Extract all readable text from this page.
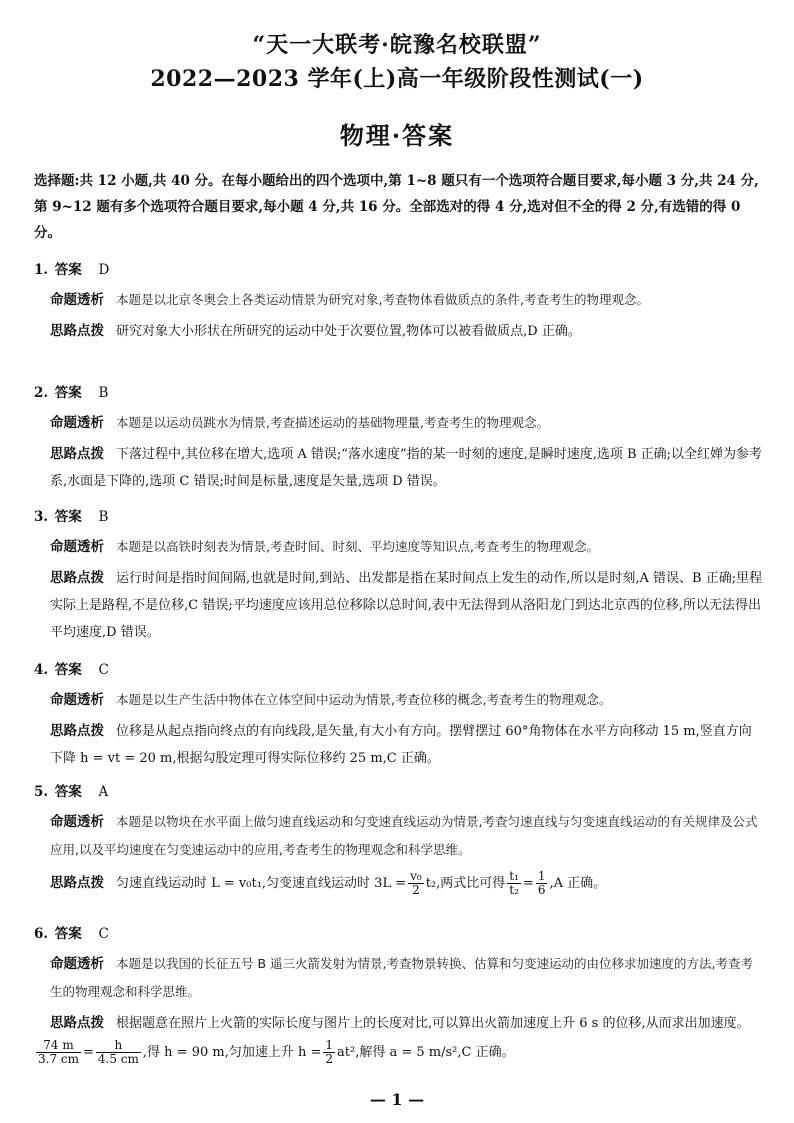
“天一大联考·皖豫名校联盟”
2022—2023 学年(上)高一年级阶段性测试(一)
物理·答案
选择题:共 12 小题,共 40 分。在每小题给出的四个选项中,第 1~8 题只有一个选项符合题目要求,每小题 3 分,共 24 分,第 9~12 题有多个选项符合题目要求,每小题 4 分,共 16 分。全部选对的得 4 分,选对但不全的得 2 分,有选错的得 0 分。
1. 答案 D
命题透析 本题是以北京冬奥会上各类运动情景为研究对象,考查物体看做质点的条件,考查考生的物理观念。
思路点拨 研究对象大小形状在所研究的运动中处于次要位置,物体可以被看做质点,D 正确。
2. 答案 B
命题透析 本题是以运动员跳水为情景,考查描述运动的基础物理量,考查考生的物理观念。
思路点拨 下落过程中,其位移在增大,选项 A 错误;“落水速度”指的某一时刻的速度,是瞬时速度,选项 B 正确;以全红婵为参考系,水面是下降的,选项 C 错误;时间是标量,速度是矢量,选项 D 错误。
3. 答案 B
命题透析 本题是以高铁时刻表为情景,考查时间、时刻、平均速度等知识点,考查考生的物理观念。
思路点拨 运行时间是指时间间隔,也就是时间,到站、出发都是指在某时间点上发生的动作,所以是时刻,A 错误、B 正确;里程实际上是路程,不是位移,C 错误;平均速度应该用总位移除以总时间,表中无法得到从洛阳龙门到达北京西的位移,所以无法得出平均速度,D 错误。
4. 答案 C
命题透析 本题是以生产生活中物体在立体空间中运动为情景,考查位移的概念,考查考生的物理观念。
思路点拨 位移是从起点指向终点的有向线段,是矢量,有大小有方向。摆臂摆过 60°角物体在水平方向移动 15 m,竖直方向下降 h = vt = 20 m,根据勾股定理可得实际位移约 25 m,C 正确。
5. 答案 A
命题透析 本题是以物块在水平面上做匀速直线运动和匀变速直线运动为情景,考查匀速直线与匀变速直线运动的有关规律及公式应用,以及平均速度在匀变速运动中的应用,考查考生的物理观念和科学思维。
思路点拨 匀速直线运动时 L = v₀t₁,匀变速直线运动时 $3L = \frac{\text{v₀}}{2} t_2$,两式比可得 $\frac{\text{t₁}}{\text{t₂}} = \frac{1}{6} ,A$ 正确。
6. 答案 C
命题透析 本题是以我国的长征五号 B 遥三火箭发射为情景,考查物景转换、估算和匀变速运动的由位移求加速度的方法,考查考生的物理观念和科学思维。
思路点拨 根据题意在照片上火箭的实际长度与图片上的长度对比,可以算出火箭加速度上升 6 s 的位移,从而求出加速度。
$\frac{74 m}{3.7 cm} = \frac{h}{4.5 cm}$ ,得 h = 90 m,匀加速上升 $h = \frac{1}{2} at^2$,解得 a = 5 m/s²,C 正确。
— 1 —
